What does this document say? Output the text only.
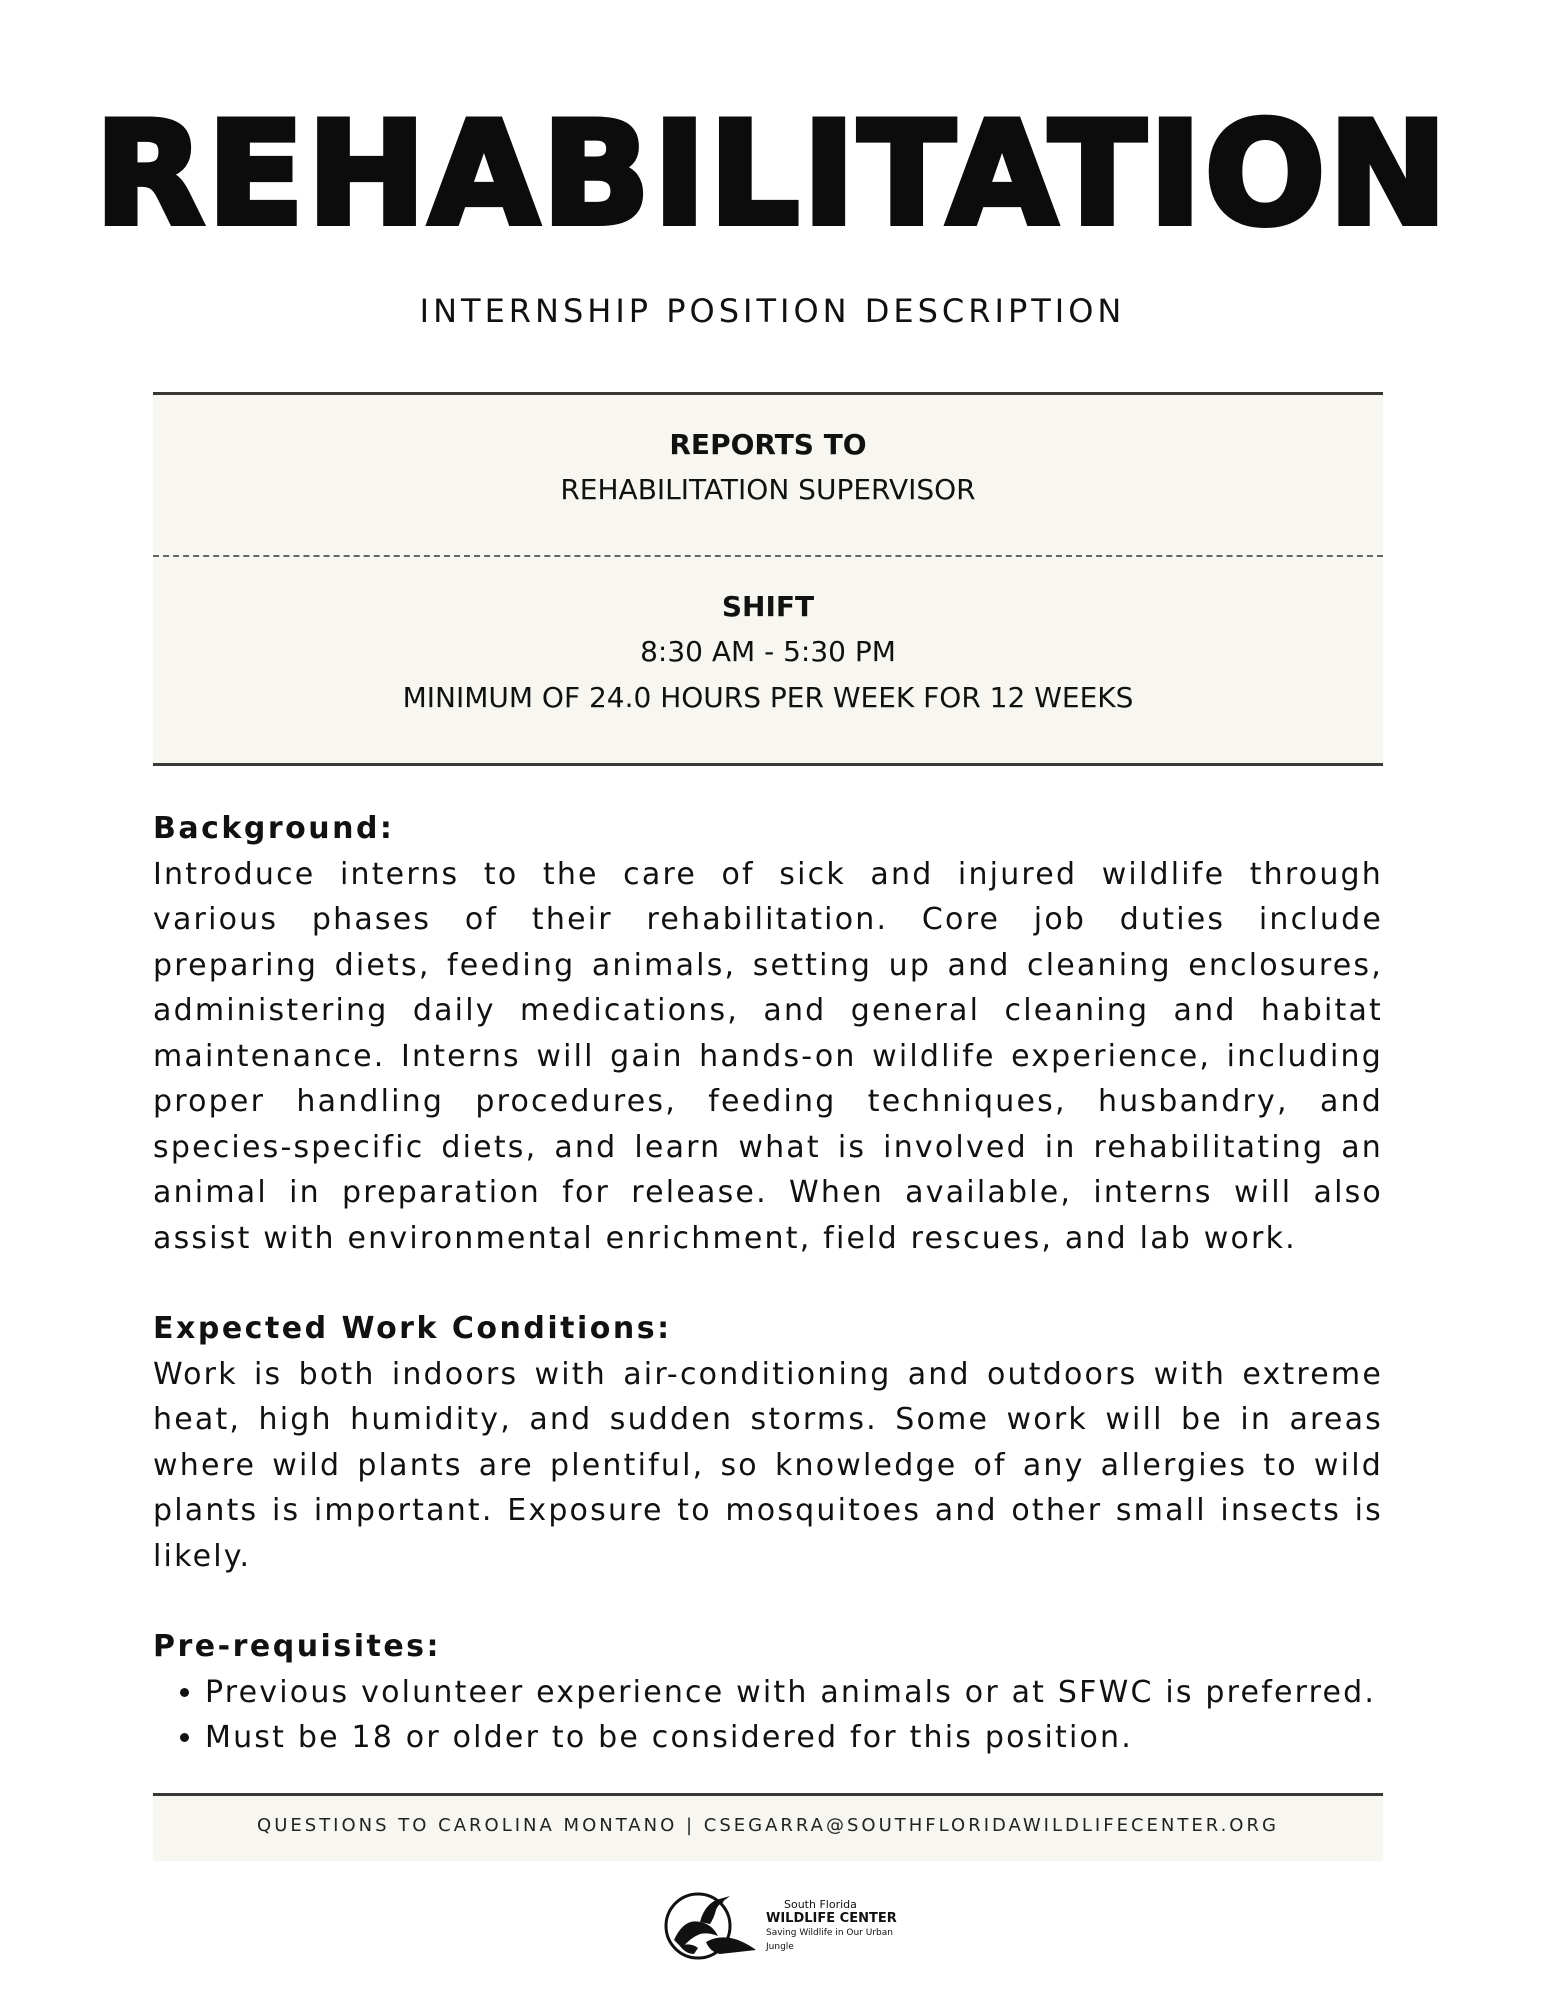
REHABILITATION
INTERNSHIP POSITION DESCRIPTION
REPORTS TO
REHABILITATION SUPERVISOR
SHIFT
8:30 AM - 5:30 PM
MINIMUM OF 24.0 HOURS PER WEEK FOR 12 WEEKS
Background:

Introduce interns to the care of sick and injured wildlife through various phases of their rehabilitation. Core job duties include preparing diets, feeding animals, setting up and cleaning enclosures, administering daily medications, and general cleaning and habitat maintenance. Interns will gain hands-on wildlife experience, including proper handling procedures, feeding techniques, husbandry, and species-specific diets, and learn what is involved in rehabilitating an animal in preparation for release. When available, interns will also assist with environmental enrichment, field rescues, and lab work.

Expected Work Conditions:

Work is both indoors with air-conditioning and outdoors with extreme heat, high humidity, and sudden storms. Some work will be in areas where wild plants are plentiful, so knowledge of any allergies to wild plants is important. Exposure to mosquitoes and other small insects is likely.

Pre-requisites:
• Previous volunteer experience with animals or at SFWC is preferred.
• Must be 18 or older to be considered for this position.
QUESTIONS TO CAROLINA MONTANO | CSEGARRA@SOUTHFLORIDAWILDLIFECENTER.ORG
South Florida
WILDLIFE CENTER
Saving Wildlife in Our Urban Jungle
